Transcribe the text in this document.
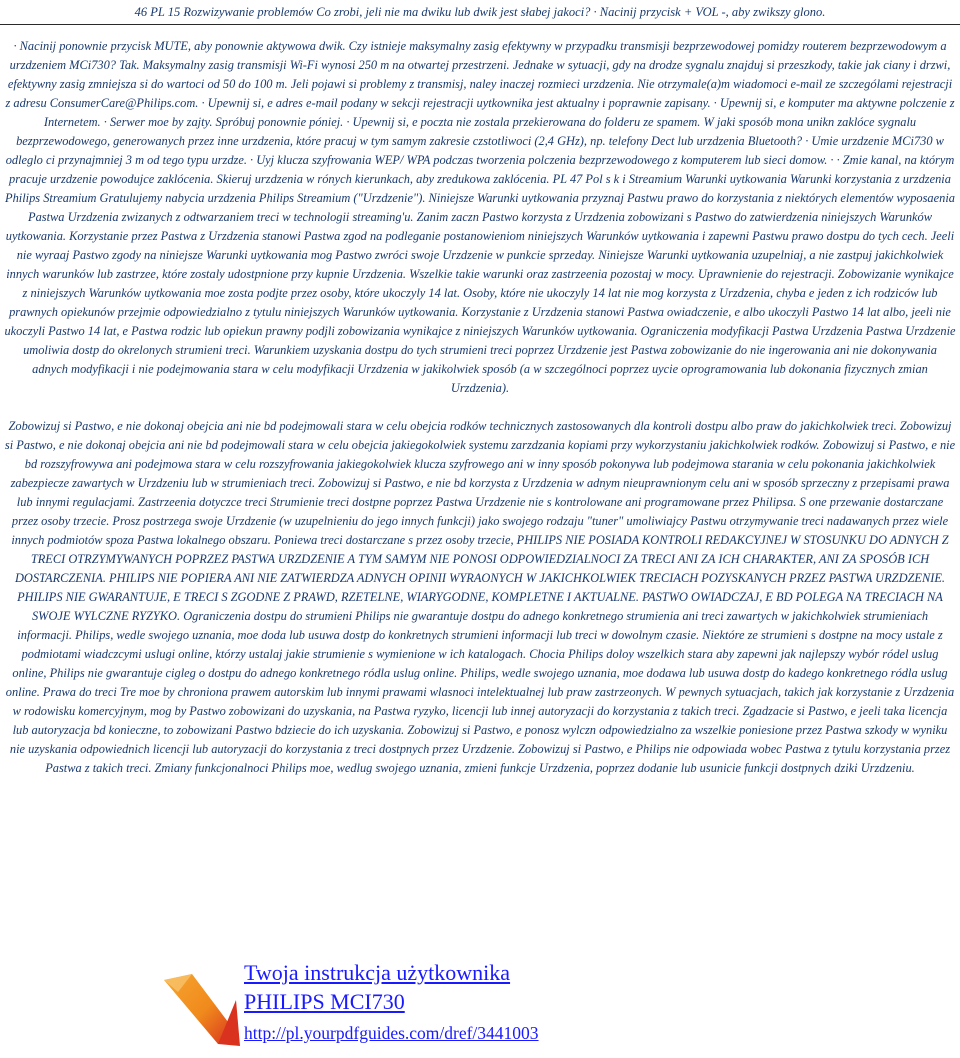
46 PL 15 Rozwizywanie problemów Co zrobi, jeli nie ma dwiku lub dwik jest słabej jakoci? · Nacinij przycisk + VOL -, aby zwikszy glono.

· Nacinij ponownie przycisk MUTE, aby ponownie aktywowa dwik. Czy istnieje maksymalny zasig efektywny w przypadku transmisji bezprzewodowej pomidzy routerem bezprzewodowym a urzdzeniem MCi730? Tak. Maksymalny zasig transmisji Wi-Fi wynosi 250 m na otwartej przestrzeni. Jednake w sytuacji, gdy na drodze sygnalu znajduj si przeszkody, takie jak ciany i drzwi, efektywny zasig zmniejsza si do wartoci od 50 do 100 m. Jeli pojawi si problemy z transmisj, naley inaczej rozmieci urzdzenia. Nie otrzymale(a)m wiadomoci e-mail ze szczególami rejestracji z adresu ConsumerCare@Philips.com. · Upewnij si, e adres e-mail podany w sekcji rejestracji uytkownika jest aktualny i poprawnie zapisany. · Upewnij si, e komputer ma aktywne polczenie z Internetem. · Serwer moe by zajty. Spróbuj ponownie póniej. · Upewnij si, e poczta nie zostala przekierowana do folderu ze spamem. W jaki sposób mona unikn zaklóce sygnalu bezprzewodowego, generowanych przez inne urzdzenia, które pracuj w tym samym zakresie czstotliwoci (2,4 GHz), np. telefony Dect lub urzdzenia Bluetooth? · Umie urzdzenie MCi730 w odleglo ci przynajmniej 3 m od tego typu urzdze. · Uyj klucza szyfrowania WEP/ WPA podczas tworzenia polczenia bezprzewodowego z komputerem lub sieci domow. · · Zmie kanal, na którym pracuje urzdzenie powodujce zaklócenia. Skieruj urzdzenia w rónych kierunkach, aby zredukowa zaklócenia. PL 47 Pol s k i Streamium Warunki uytkowania Warunki korzystania z urzdzenia Philips Streamium Gratulujemy nabycia urzdzenia Philips Streamium ("Urzdzenie"). Niniejsze Warunki uytkowania przyznaj Pastwu prawo do korzystania z niektórych elementów wyposaenia Pastwa Urzdzenia zwizanych z odtwarzaniem treci w technologii streaming'u. Zanim zaczn Pastwo korzysta z Urzdzenia zobowizani s Pastwo do zatwierdzenia niniejszych Warunków uytkowania. Korzystanie przez Pastwa z Urzdzenia stanowi Pastwa zgod na podleganie postanowieniom niniejszych Warunków uytkowania i zapewni Pastwu prawo dostpu do tych cech. Jeeli nie wyraaj Pastwo zgody na niniejsze Warunki uytkowania mog Pastwo zwróci swoje Urzdzenie w punkcie sprzeday. Niniejsze Warunki uytkowania uzupelniaj, a nie zastpuj jakichkolwiek innych warunków lub zastrzee, które zostaly udostpnione przy kupnie Urzdzenia. Wszelkie takie warunki oraz zastrzeenia pozostaj w mocy. Uprawnienie do rejestracji. Zobowizanie wynikajce z niniejszych Warunków uytkowania moe zosta podjte przez osoby, które ukoczyly 14 lat. Osoby, które nie ukoczyly 14 lat nie mog korzysta z Urzdzenia, chyba e jeden z ich rodziców lub prawnych opiekunów przejmie odpowiedzialno z tytulu niniejszych Warunków uytkowania. Korzystanie z Urzdzenia stanowi Pastwa owiadczenie, e albo ukoczyli Pastwo 14 lat albo, jeeli nie ukoczyli Pastwo 14 lat, e Pastwa rodzic lub opiekun prawny podjli zobowizania wynikajce z niniejszych Warunków uytkowania. Ograniczenia modyfikacji Pastwa Urzdzenia Pastwa Urzdzenie umoliwia dostp do okrelonych strumieni treci. Warunkiem uzyskania dostpu do tych strumieni treci poprzez Urzdzenie jest Pastwa zobowizanie do nie ingerowania ani nie dokonywania adnych modyfikacji i nie podejmowania stara w celu modyfikacji Urzdzenia w jakikolwiek sposób (a w szczególnoci poprzez uycie oprogramowania lub dokonania fizycznych zmian Urzdzenia).

Zobowizuj si Pastwo, e nie dokonaj obejcia ani nie bd podejmowali stara w celu obejcia rodków technicznych zastosowanych dla kontroli dostpu albo praw do jakichkolwiek treci. Zobowizuj si Pastwo, e nie dokonaj obejcia ani nie bd podejmowali stara w celu obejcia jakiegokolwiek systemu zarzdzania kopiami przy wykorzystaniu jakichkolwiek rodków. Zobowizuj si Pastwo, e nie bd rozszyfrowywa ani podejmowa stara w celu rozszyfrowania jakiegokolwiek klucza szyfrowego ani w inny sposób pokonywa lub podejmowa starania w celu pokonania jakichkolwiek zabezpiecze zawartych w Urzdzeniu lub w strumieniach treci. Zobowizuj si Pastwo, e nie bd korzysta z Urzdzenia w adnym nieuprawnionym celu ani w sposób sprzeczny z przepisami prawa lub innymi regulacjami. Zastrzeenia dotyczce treci Strumienie treci dostpne poprzez Pastwa Urzdzenie nie s kontrolowane ani programowane przez Philipsa. S one przewanie dostarczane przez osoby trzecie. Prosz postrzega swoje Urzdzenie (w uzupelnieniu do jego innych funkcji) jako swojego rodzaju "tuner" umoliwiajcy Pastwu otrzymywanie treci nadawanych przez wiele innych podmiotów spoza Pastwa lokalnego obszaru. Poniewa treci dostarczane s przez osoby trzecie, PHILIPS NIE POSIADA KONTROLI REDAKCYJNEJ W STOSUNKU DO ADNYCH Z TRECI OTRZYMYWANYCH POPRZEZ PASTWA URZDZENIE A TYM SAMYM NIE PONOSI ODPOWIEDZIALNOCI ZA TRECI ANI ZA ICH CHARAKTER, ANI ZA SPOSÓB ICH DOSTARCZENIA. PHILIPS NIE POPIERA ANI NIE ZATWIERDZA ADNYCH OPINII WYRAONYCH W JAKICHKOLWIEK TRECIACH POZYSKANYCH PRZEZ PASTWA URZDZENIE. PHILIPS NIE GWARANTUJE, E TRECI S ZGODNE Z PRAWD, RZETELNE, WIARYGODNE, KOMPLETNE I AKTUALNE. PASTWO OWIADCZAJ, E BD POLEGA NA TRECIACH NA SWOJE WYLCZNE RYZYKO. Ograniczenia dostpu do strumieni Philips nie gwarantuje dostpu do adnego konkretnego strumienia ani treci zawartych w jakichkolwiek strumieniach informacji. Philips, wedle swojego uznania, moe doda lub usuwa dostp do konkretnych strumieni informacji lub treci w dowolnym czasie. Niektóre ze strumieni s dostpne na mocy ustale z podmiotami wiadczcymi uslugi online, którzy ustalaj jakie strumienie s wymienione w ich katalogach. Chocia Philips doloy wszelkich stara aby zapewni jak najlepszy wybór ródel uslug online, Philips nie gwarantuje cigleg o dostpu do adnego konkretnego ródla uslug online. Philips, wedle swojego uznania, moe dodawa lub usuwa dostp do kadego konkretnego ródla uslug online. Prawa do treci Tre moe by chroniona prawem autorskim lub innymi prawami wlasnoci intelektualnej lub praw zastrzeonych. W pewnych sytuacjach, takich jak korzystanie z Urzdzenia w rodowisku komercyjnym, mog by Pastwo zobowizani do uzyskania, na Pastwa ryzyko, licencji lub innej autoryzacji do korzystania z takich treci. Zgadzacie si Pastwo, e jeeli taka licencja lub autoryzacja bd konieczne, to zobowizani Pastwo bdziecie do ich uzyskania. Zobowizuj si Pastwo, e ponosz wylczn odpowiedzialno za wszelkie poniesione przez Pastwa szkody w wyniku nie uzyskania odpowiednich licencji lub autoryzacji do korzystania z treci dostpnych przez Urzdzenie. Zobowizuj si Pastwo, e Philips nie odpowiada wobec Pastwa z tytulu korzystania przez Pastwa z takich treci. Zmiany funkcjonalnoci Philips moe, wedlug swojego uznania, zmieni funkcje Urzdzenia, poprzez dodanie lub usunicie funkcji dostpnych dziki Urzdzeniu.

Twoja instrukcja użytkownika
PHILIPS MCI730
http://pl.yourpdfguides.com/dref/3441003
